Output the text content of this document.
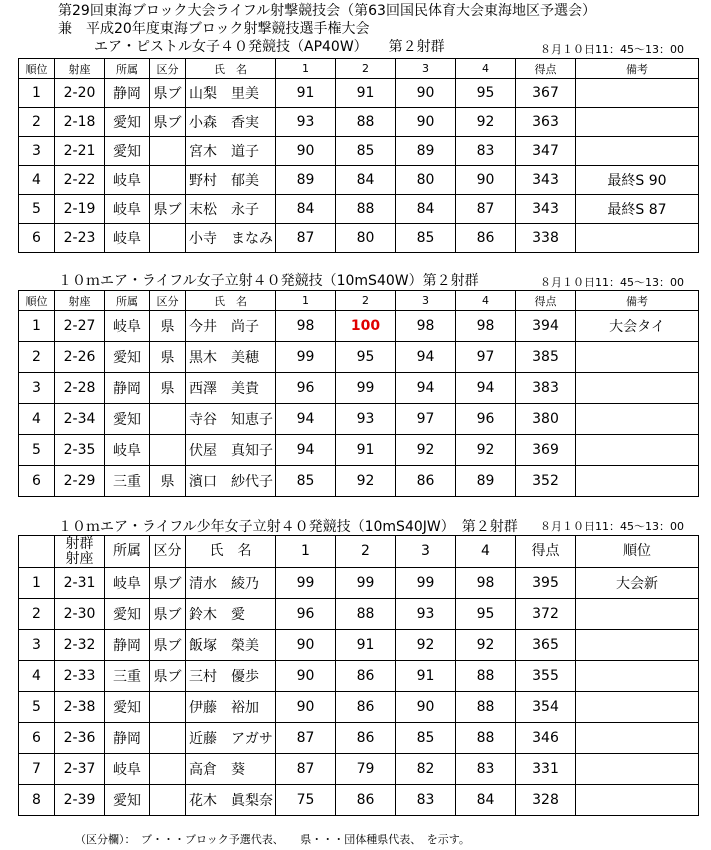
第29回東海ブロック大会ライフル射撃競技会（第63回国民体育大会東海地区予選会）
兼　平成20年度東海ブロック射撃競技選手権大会
エア・ピストル女子４０発競技（AP40W）　　第２射群	８月１０日11：45～13：00
順位	射座	所属	区分	氏　名	1	2	3	4	得点	備考
1	2-20	静岡	県ブ	山梨　里美	91	91	90	95	367	
2	2-18	愛知	県ブ	小森　香実	93	88	90	92	363	
3	2-21	愛知		宮木　道子	90	85	89	83	347	
4	2-22	岐阜		野村　郁美	89	84	80	90	343	最終S 90
5	2-19	岐阜	県ブ	末松　永子	84	88	84	87	343	最終S 87
6	2-23	岐阜		小寺　まなみ	87	80	85	86	338	
１０ｍエア・ライフル女子立射４０発競技（10mS40W）第２射群	８月１０日11：45～13：00
順位	射座	所属	区分	氏　名	1	2	3	4	得点	備考
1	2-27	岐阜	県	今井　尚子	98	100	98	98	394	大会タイ
2	2-26	愛知	県	黒木　美穂	99	95	94	97	385	
3	2-28	静岡	県	西澤　美貴	96	99	94	94	383	
4	2-34	愛知		寺谷　知恵子	94	93	97	96	380	
5	2-35	岐阜		伏屋　真知子	94	91	92	92	369	
6	2-29	三重	県	濱口　紗代子	85	92	86	89	352	
１０ｍエア・ライフル少年女子立射４０発競技（10mS40JW）　第２射群 ８月１０日11：45～13：00
	射群
射座	所属	区分	氏　名	1	2	3	4	得点	順位
1	2-31	岐阜	県ブ	清水　綾乃	99	99	99	98	395	大会新
2	2-30	愛知	県ブ	鈴木　愛	96	88	93	95	372	
3	2-32	静岡	県ブ	飯塚　榮美	90	91	92	92	365	
4	2-33	三重	県ブ	三村　優歩	90	86	91	88	355	
5	2-38	愛知		伊藤　裕加	90	86	90	88	354	
6	2-36	静岡		近藤　アガサ	87	86	85	88	346	
7	2-37	岐阜		高倉　葵	87	79	82	83	331	
8	2-39	愛知		花木　眞梨奈	75	86	83	84	328	
（区分欄）：　ブ・・・ブロック予選代表、　　県・・・団体種県代表、　を示す。
